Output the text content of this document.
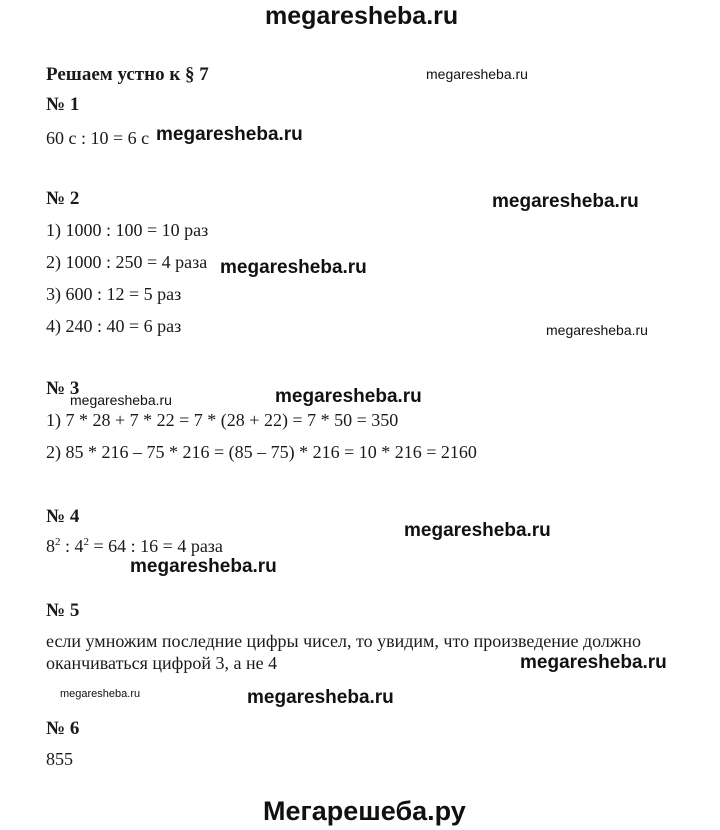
megaresheba.ru
Решаем устно к § 7
№ 1
60 с : 10 = 6 с
№ 2
1) 1000 : 100 = 10 раз
2) 1000 : 250 = 4 раза
3) 600 : 12 = 5 раз
4) 240 : 40 = 6 раз
№ 3
1) 7 * 28 + 7 * 22 = 7 * (28 + 22) = 7 * 50 = 350
2) 85 * 216 – 75 * 216 = (85 – 75) * 216 = 10 * 216 = 2160
№ 4
$8^2$ : $4^2 = 64$ : 16 = 4 раза
№ 5
если умножим последние цифры чисел, то увидим, что произведение должно
оканчиваться цифрой 3, а не 4
№ 6
855
megaresheba.ru
megaresheba.ru
megaresheba.ru
megaresheba.ru
megaresheba.ru
megaresheba.ru	megaresheba.ru
megaresheba.ru
megaresheba.ru
megaresheba.ru
megaresheba.ru	megaresheba.ru
Мегарешеба.ру
